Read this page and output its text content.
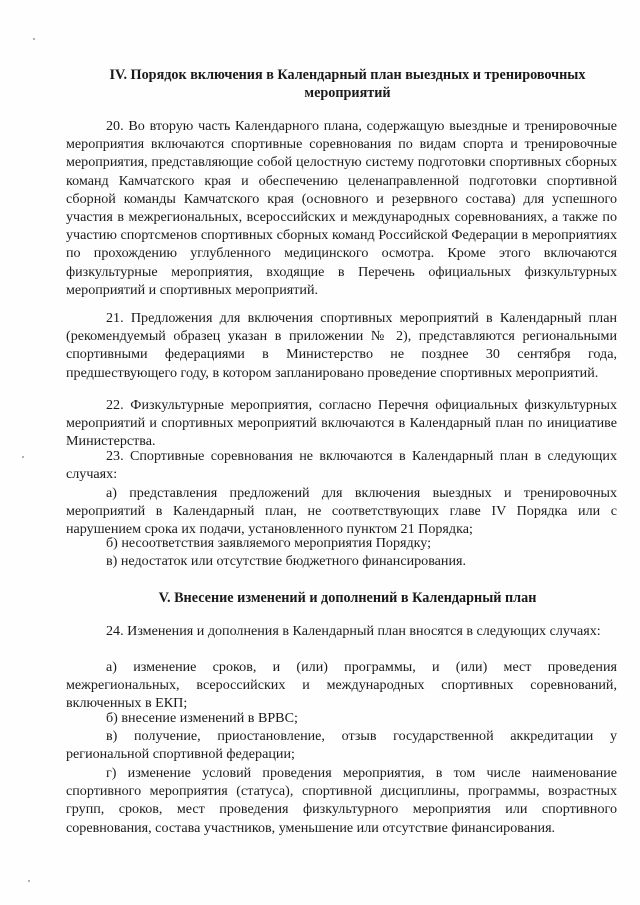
IV. Порядок включения в Календарный план выездных и тренировочных
мероприятий

20. Во вторую часть Календарного плана, содержащую выездные и тренировочные мероприятия включаются спортивные соревнования по видам спорта и тренировочные мероприятия, представляющие собой целостную систему подготовки спортивных сборных команд Камчатского края и обеспечению целенаправленной подготовки спортивной сборной команды Камчатского края (основного и резервного состава) для успешного участия в межрегиональных, всероссийских и международных соревнованиях, а также по участию спортсменов спортивных сборных команд Российской Федерации в мероприятиях по прохождению углубленного медицинского осмотра. Кроме этого включаются физкультурные мероприятия, входящие в Перечень официальных физкультурных мероприятий и спортивных мероприятий.

21. Предложения для включения спортивных мероприятий в Календарный план (рекомендуемый образец указан в приложении № 2), представляются региональными спортивными федерациями в Министерство не позднее 30 сентября года, предшествующего году, в котором запланировано проведение спортивных мероприятий.

22. Физкультурные мероприятия, согласно Перечня официальных физкультурных мероприятий и спортивных мероприятий включаются в Календарный план по инициативе Министерства.

23. Спортивные соревнования не включаются в Календарный план в следующих случаях:

а) представления предложений для включения выездных и тренировочных мероприятий в Календарный план, не соответствующих главе IV Порядка или с нарушением срока их подачи, установленного пунктом 21 Порядка;

б) несоответствия заявляемого мероприятия Порядку;

в) недостаток или отсутствие бюджетного финансирования.

V. Внесение изменений и дополнений в Календарный план

24. Изменения и дополнения в Календарный план вносятся в следующих случаях:

а) изменение сроков, и (или) программы, и (или) мест проведения межрегиональных, всероссийских и международных спортивных соревнований, включенных в ЕКП;

б) внесение изменений в ВРВС;

в) получение, приостановление, отзыв государственной аккредитации у региональной спортивной федерации;

г) изменение условий проведения мероприятия, в том числе наименование спортивного мероприятия (статуса), спортивной дисциплины, программы, возрастных групп, сроков, мест проведения физкультурного мероприятия или спортивного соревнования, состава участников, уменьшение или отсутствие финансирования.
